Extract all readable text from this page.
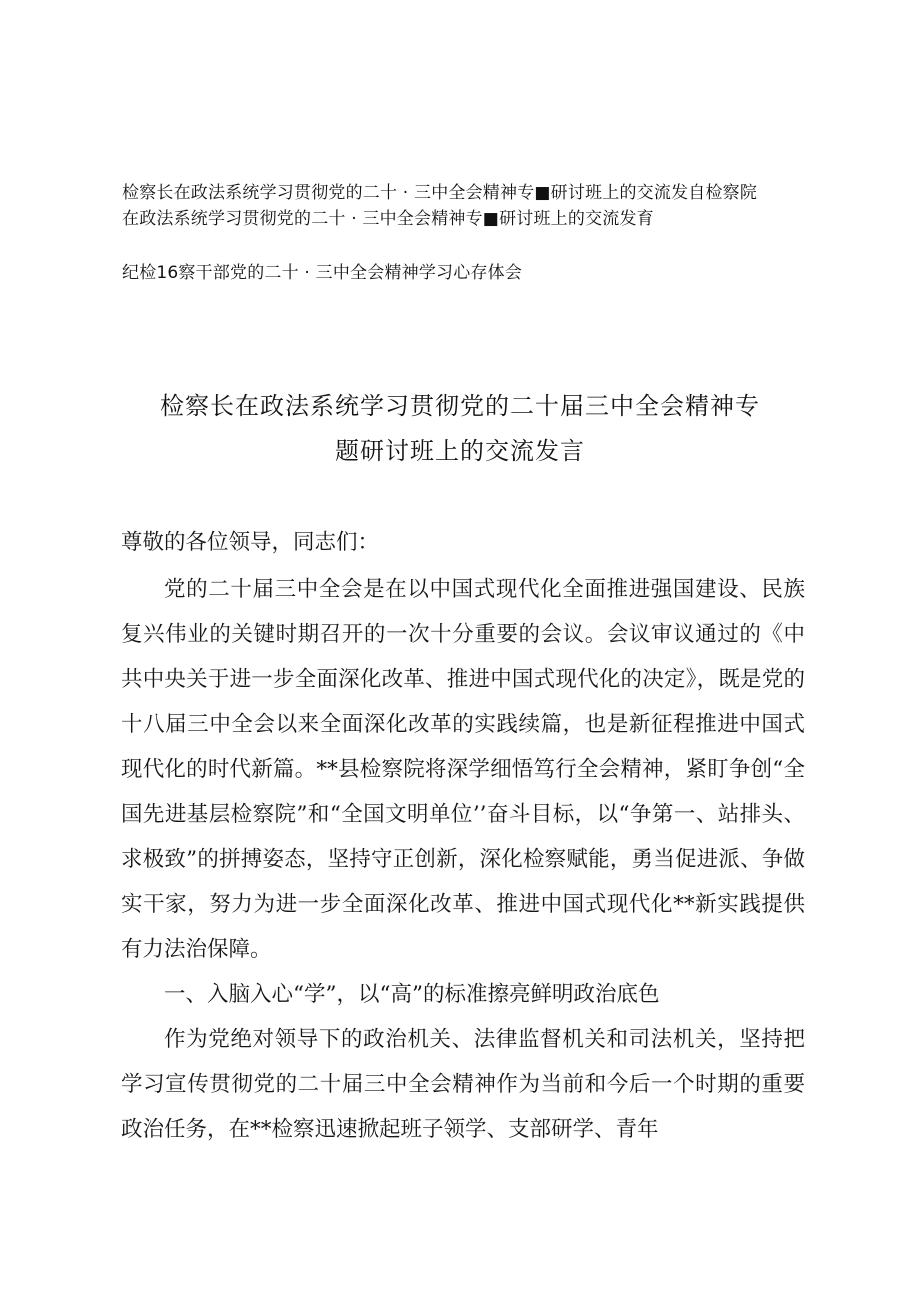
检察长在政法系统学习贯彻党的二十 · 三中全会精神专■研讨班上的交流发自检察院
在政法系统学习贯彻党的二十 · 三中全会精神专■研讨班上的交流发育
纪检16察干部党的二十 · 三中全会精神学习心存体会
检察长在政法系统学习贯彻党的二十届三中全会精神专
题研讨班上的交流发言

尊敬的各位领导，同志们：

党的二十届三中全会是在以中国式现代化全面推进强国建设、民族复兴伟业的关键时期召开的一次十分重要的会议。会议审议通过的《中共中央关于进一步全面深化改革、推进中国式现代化的决定》，既是党的十八届三中全会以来全面深化改革的实践续篇，也是新征程推进中国式现代化的时代新篇。**县检察院将深学细悟笃行全会精神，紧盯争创“全国先进基层检察院”和“全国文明单位’’奋斗目标，以“争第一、站排头、求极致”的拼搏姿态，坚持守正创新，深化检察赋能，勇当促进派、争做实干家，努力为进一步全面深化改革、推进中国式现代化**新实践提供有力法治保障。

一、入脑入心“学”，以“高”的标准擦亮鲜明政治底色

作为党绝对领导下的政治机关、法律监督机关和司法机关，坚持把学习宣传贯彻党的二十届三中全会精神作为当前和今后一个时期的重要政治任务，在**检察迅速掀起班子领学、支部研学、青年
